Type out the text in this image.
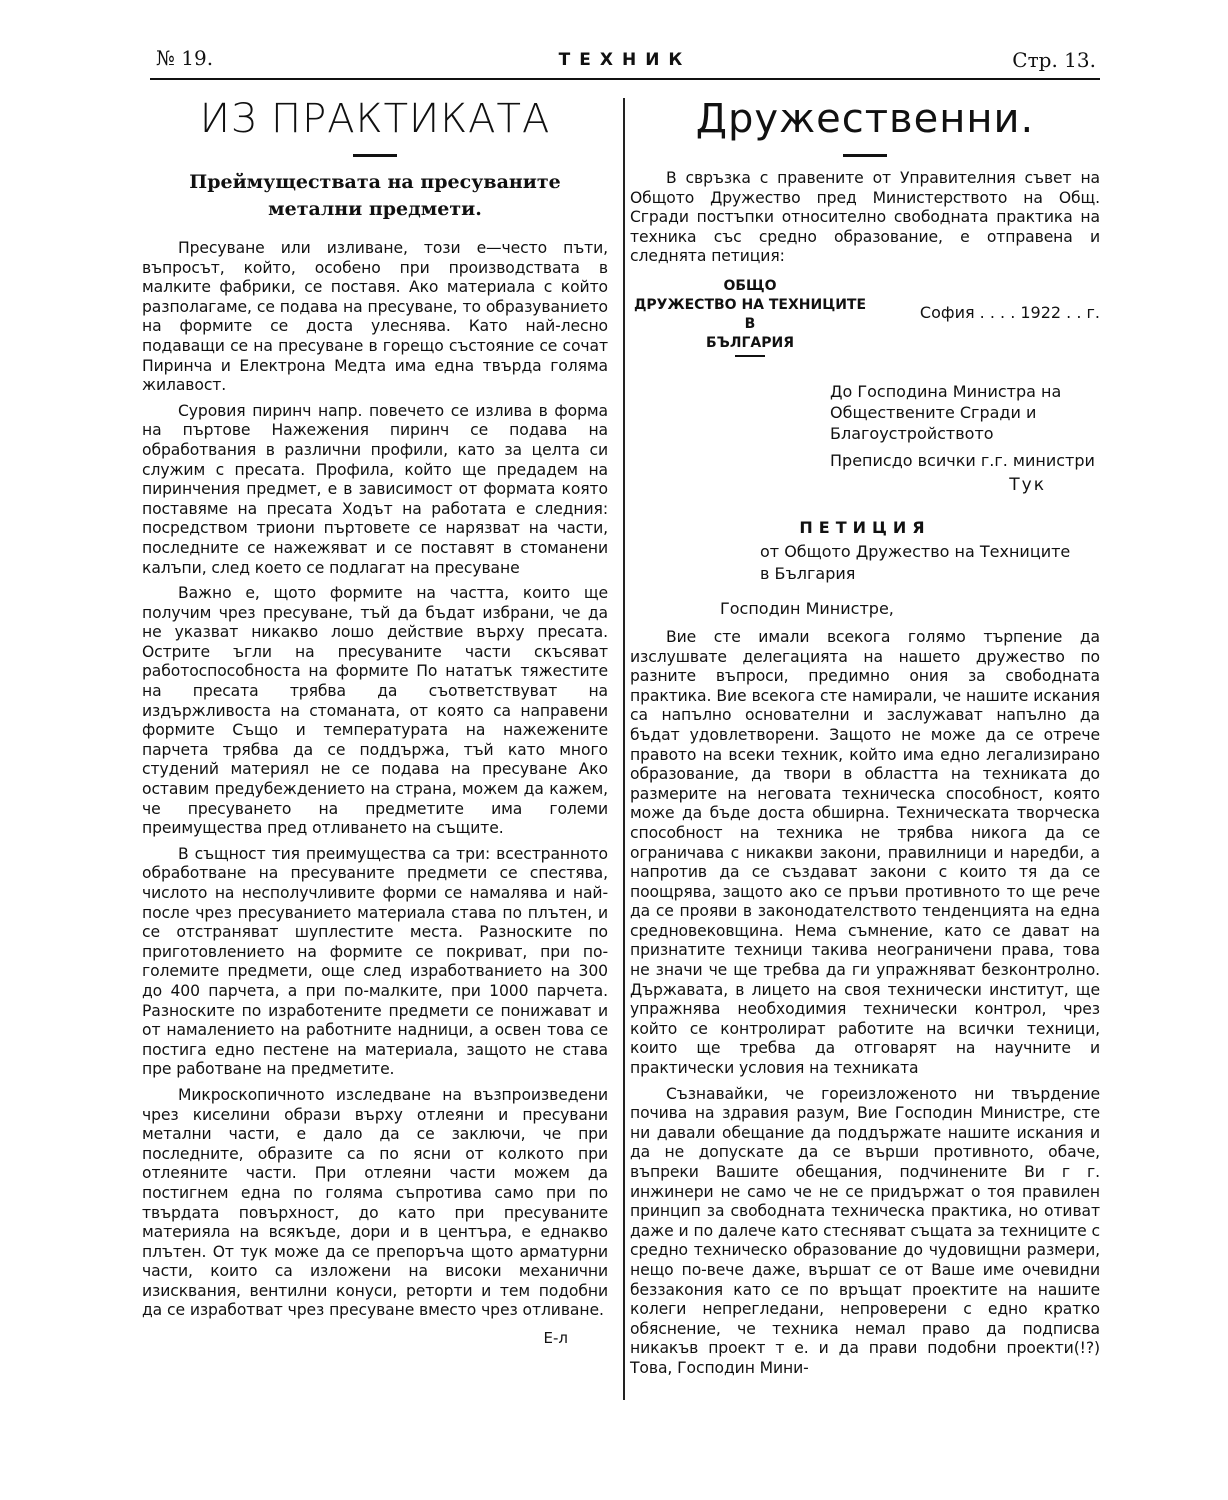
№ 19.	ТЕХНИК	Стр. 13.
ИЗ ПРАКТИКАТА
Преймуществата на пресуваните метални предмети.

Пресуване или изливане, този е—често пъти, въпросът, който, особено при производствата в малките фабрики, се поставя. Ако материала с който разполагаме, се подава на пресуване, то образуванието на формите се доста улеснява. Като най-лесно подаващи се на пресуване в горещо състояние се сочат Пиринча и Електрона Медта има една твърда голяма жилавост.

Суровия пиринч напр. повечето се излива в форма на пъртове Нажежения пиринч се подава на обработвания в различни профили, като за целта си служим с пресата. Профила, който ще предадем на пиринчения предмет, е в зависимост от формата която поставяме на пресата Ходът на работата е следния: посредством триони пъртовете се нарязват на части, последните се нажежяват и се поставят в стоманени калъпи, след което се подлагат на пресуване

Важно е, щото формите на частта, които ще получим чрез пресуване, тъй да бъдат избрани, че да не указват никакво лошо действие върху пресата. Острите ъгли на пресуваните части скъсяват работоспособноста на формите По нататък тяжестите на пресата трябва да съответствуват на издържливоста на стоманата, от която са направени формите Също и температурата на нажежените парчета трябва да се поддържа, тъй като много студений материял не се подава на пресуване Ако оставим предубеждението на страна, можем да кажем, че пресуването на предметите има големи преимущества пред отливането на същите.

В същност тия преимущества са три: всестранното обработване на пресуваните предмети се спестява, числото на несполучливите форми се намалява и най-после чрез пресуванието материала става по плътен, и се отстраняват шуплестите места. Разноските по приготовлението на формите се покриват, при по-големите предмети, още след изработванието на 300 до 400 парчета, а при по-малките, при 1000 парчета. Разноските по изработените предмети се понижават и от намалението на работните надници, а освен това се постига едно пестене на материала, защото не става пре работване на предметите.

Микроскопичното изследване на възпроизведени чрез киселини образи върху отлеяни и пресувани метални части, е дало да се заключи, че при последните, образите са по ясни от колкото при отлеяните части. При отлеяни части можем да постигнем една по голяма съпротива само при по твърдата повърхност, до като при пресуваните материяла на всякъде, дори и в центъра, е еднакво плътен. От тук може да се препоръча щото арматурни части, които са изложени на високи механични изисквания, вентилни конуси, реторти и тем подобни да се изработват чрез пресуване вместо чрез отливане.

Е-л
Дружественни.

В свръзка с правените от Управителния съвет на Общото Дружество пред Министерството на Общ. Сгради постъпки относително свободната практика на техника със средно образование, е отправена и следнята петиция:

ОБЩО
ДРУЖЕСТВО НА ТЕХНИЦИТЕ
В
БЪЛГАРИЯ
София . . . . 1922 . . г.
До Господина Министра на
Обществените Сгради и Благоустройството
Преписдо всички г.г. министри
Тук
ПЕТИЦИЯ
от Общото Дружество на Техниците
в България
Господин Министре,

Вие сте имали всекога голямо търпение да изслушвате делегацията на нашето дружество по разните въпроси, предимно ония за свободната практика. Вие всекога сте намирали, че нашите искания са напълно основателни и заслужават напълно да бъдат удовлетворени. Защото не може да се отрече правото на всеки техник, който има едно легализирано образование, да твори в областта на техниката до размерите на неговата техническа способност, която може да бъде доста обширна. Техническата творческа способност на техника не трябва никога да се ограничава с никакви закони, правилници и наредби, а напротив да се създават закони с които тя да се поощрява, защото ако се пръви противното то ще рече да се прояви в законодателството тенденцията на една средновековщина. Нема съмнение, като се дават на признатите техници такива неограничени права, това не значи че ще требва да ги упражняват безконтролно. Държавата, в лицето на своя технически институт, ще упражнява необходимия технически контрол, чрез който се контролират работите на всички техници, които ще требва да отговарят на научните и практически условия на техниката

Съзнавайки, че гореизложеното ни твърдение почива на здравия разум, Вие Господин Министре, сте ни давали обещание да поддържате нашите искания и да не допускате да се върши противното, обаче, въпреки Вашите обещания, подчинените Ви г г. инжинери не само че не се придържат о тоя правилен принцип за свободната техническа практика, но отиват даже и по далече като стесняват същата за техниците с средно техническо образование до чудовищни размери, нещо по-вече даже, вършат се от Ваше име очевидни беззакония като се по връщат проектите на нашите колеги непрегледани, непроверени с едно кратко обяснение, че техника немал право да подписва никакъв проект т е. и да прави подобни проекти(!?) Това, Господин Мини-
